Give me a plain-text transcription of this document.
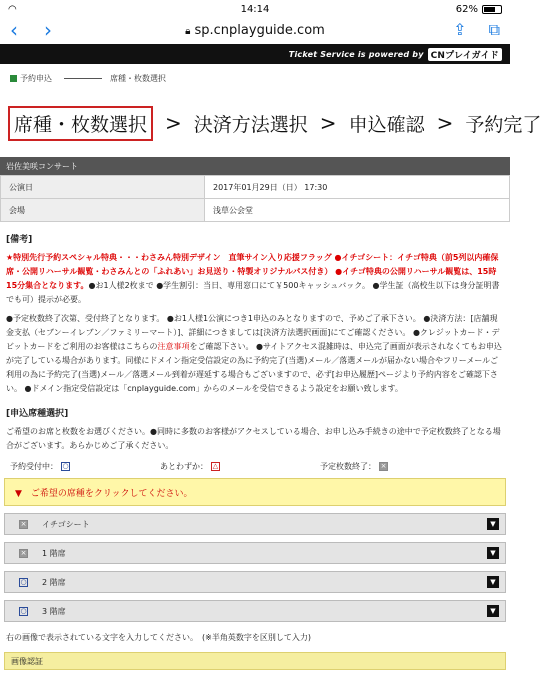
◠	14:14	62%
‹	›	🔒︎ sp.cnplayguide.com	⇪ ⧉
Ticket Service is powered by CNプレイガイド
予約申込	席種・枚数選択
席種・枚数選択 > 決済方法選択 > 申込確認 > 予約完了
岩佐美咲コンサート
公演日	2017年01月29日（日） 17:30
会場	浅草公会堂
[備考]

★特別先行予約スペシャル特典・・・わさみん特別デザイン　直筆サイン入り応援フラッグ ●イチゴシート：イチゴ特典（前5列以内確保席・公開リハーサル観覧・わさみんとの「ふれあい」お見送り・特製オリジナルパス付き） ●イチゴ特典の公開リハーサル観覧は、15時15分集合となります。●お1人様2枚まで ●学生割引：当日、専用窓口にて￥500キャッシュバック。 ●学生証（高校生以下は身分証明書でも可）提示が必要。

●予定枚数終了次第、受付終了となります。 ●お1人様1公演につき1申込のみとなりますので、予めご了承下さい。 ●決済方法：[店舗現金支払（セブンーイレブン／ファミリーマート）]、詳細につきましては[決済方法選択画面]にてご確認ください。 ●クレジットカード・デビットカードをご利用のお客様はこちらの注意事項をご確認下さい。 ●サイトアクセス混雑時は、申込完了画面が表示されなくてもお申込が完了している場合があります。同様にドメイン指定受信設定の為に予約完了(当選)メール／落選メールが届かない場合やフリーメールご利用の為に予約完了(当選)メール／落選メール到着が遅延する場合もございますので、必ず[お申込履歴]ページより予約内容をご確認下さい。 ●ドメイン指定受信設定は「cnplayguide.com」からのメールを受信できるよう設定をお願い致します。

[申込席種選択]

ご希望のお席と枚数をお選びください。●同時に多数のお客様がアクセスしている場合、お申し込み手続きの途中で予定枚数終了となる場合がございます。あらかじめご了承ください。

予約受付中： ○	あとわずか： △	予定枚数終了： ×
▼　ご希望の席種をクリックしてください。
× イチゴシート	▼
× 1 階席	▼
○ 2 階席	▼
○ 3 階席	▼
右の画像で表示されている文字を入力してください。　(※半角英数字を区別して入力)
画像認証
